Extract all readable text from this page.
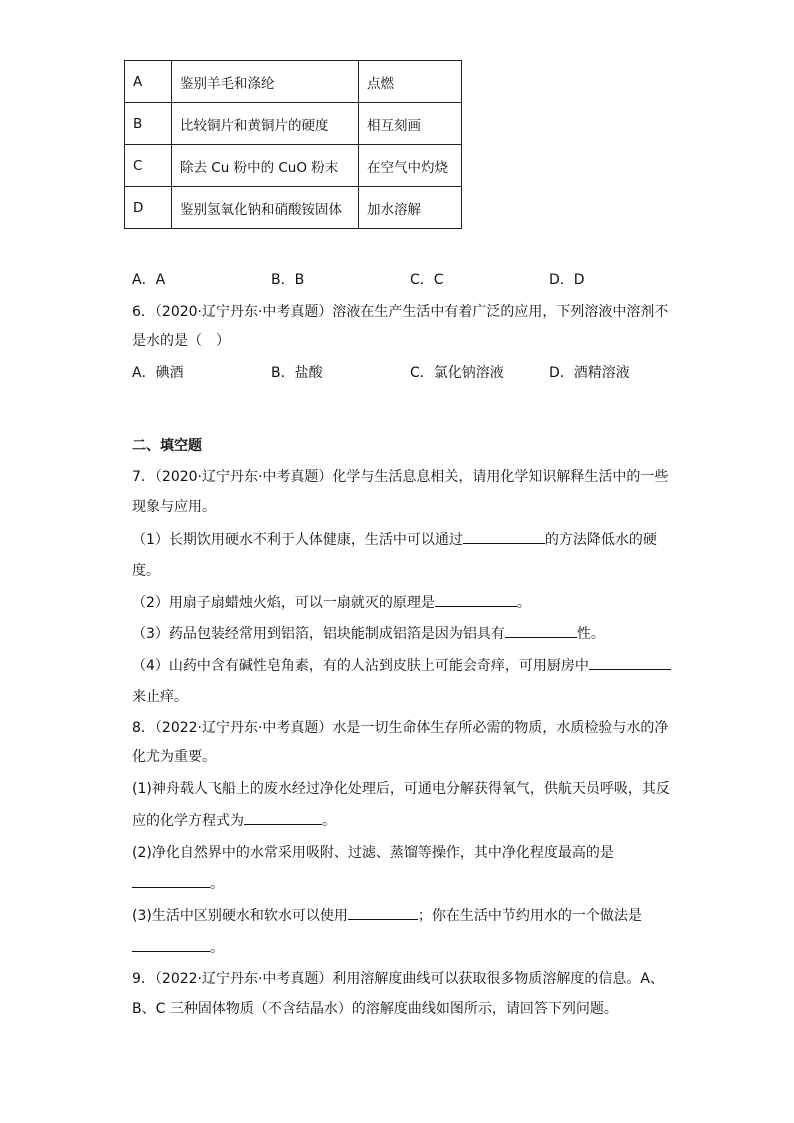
A	鉴别羊毛和涤纶	点燃
B	比较铜片和黄铜片的硬度	相互刻画
C	除去 Cu 粉中的 CuO 粉末	在空气中灼烧
D	鉴别氢氧化钠和硝酸铵固体	加水溶解
A．A	B．B	C．C	D．D
6．（2020·辽宁丹东·中考真题）溶液在生产生活中有着广泛的应用，下列溶液中溶剂不
是水的是（　）
A．碘酒	B．盐酸	C．氯化钠溶液	D．酒精溶液
二、填空题
7．（2020·辽宁丹东·中考真题）化学与生活息息相关，请用化学知识解释生活中的一些
现象与应用。
（1）长期饮用硬水不利于人体健康，生活中可以通过	的方法降低水的硬
度。
（2）用扇子扇蜡烛火焰，可以一扇就灭的原理是	。
（3）药品包装经常用到铝箔，铝块能制成铝箔是因为铝具有	性。
（4）山药中含有碱性皂角素，有的人沾到皮肤上可能会奇痒，可用厨房中
来止痒。
8．（2022·辽宁丹东·中考真题）水是一切生命体生存所必需的物质，水质检验与水的净
化尤为重要。
(1)神舟载人飞船上的废水经过净化处理后，可通电分解获得氧气，供航天员呼吸，其反
应的化学方程式为	。
(2)净化自然界中的水常采用吸附、过滤、蒸馏等操作，其中净化程度最高的是
。
(3)生活中区别硬水和软水可以使用	；你在生活中节约用水的一个做法是
。
9．（2022·辽宁丹东·中考真题）利用溶解度曲线可以获取很多物质溶解度的信息。A、
B、C 三种固体物质（不含结晶水）的溶解度曲线如图所示，请回答下列问题。
